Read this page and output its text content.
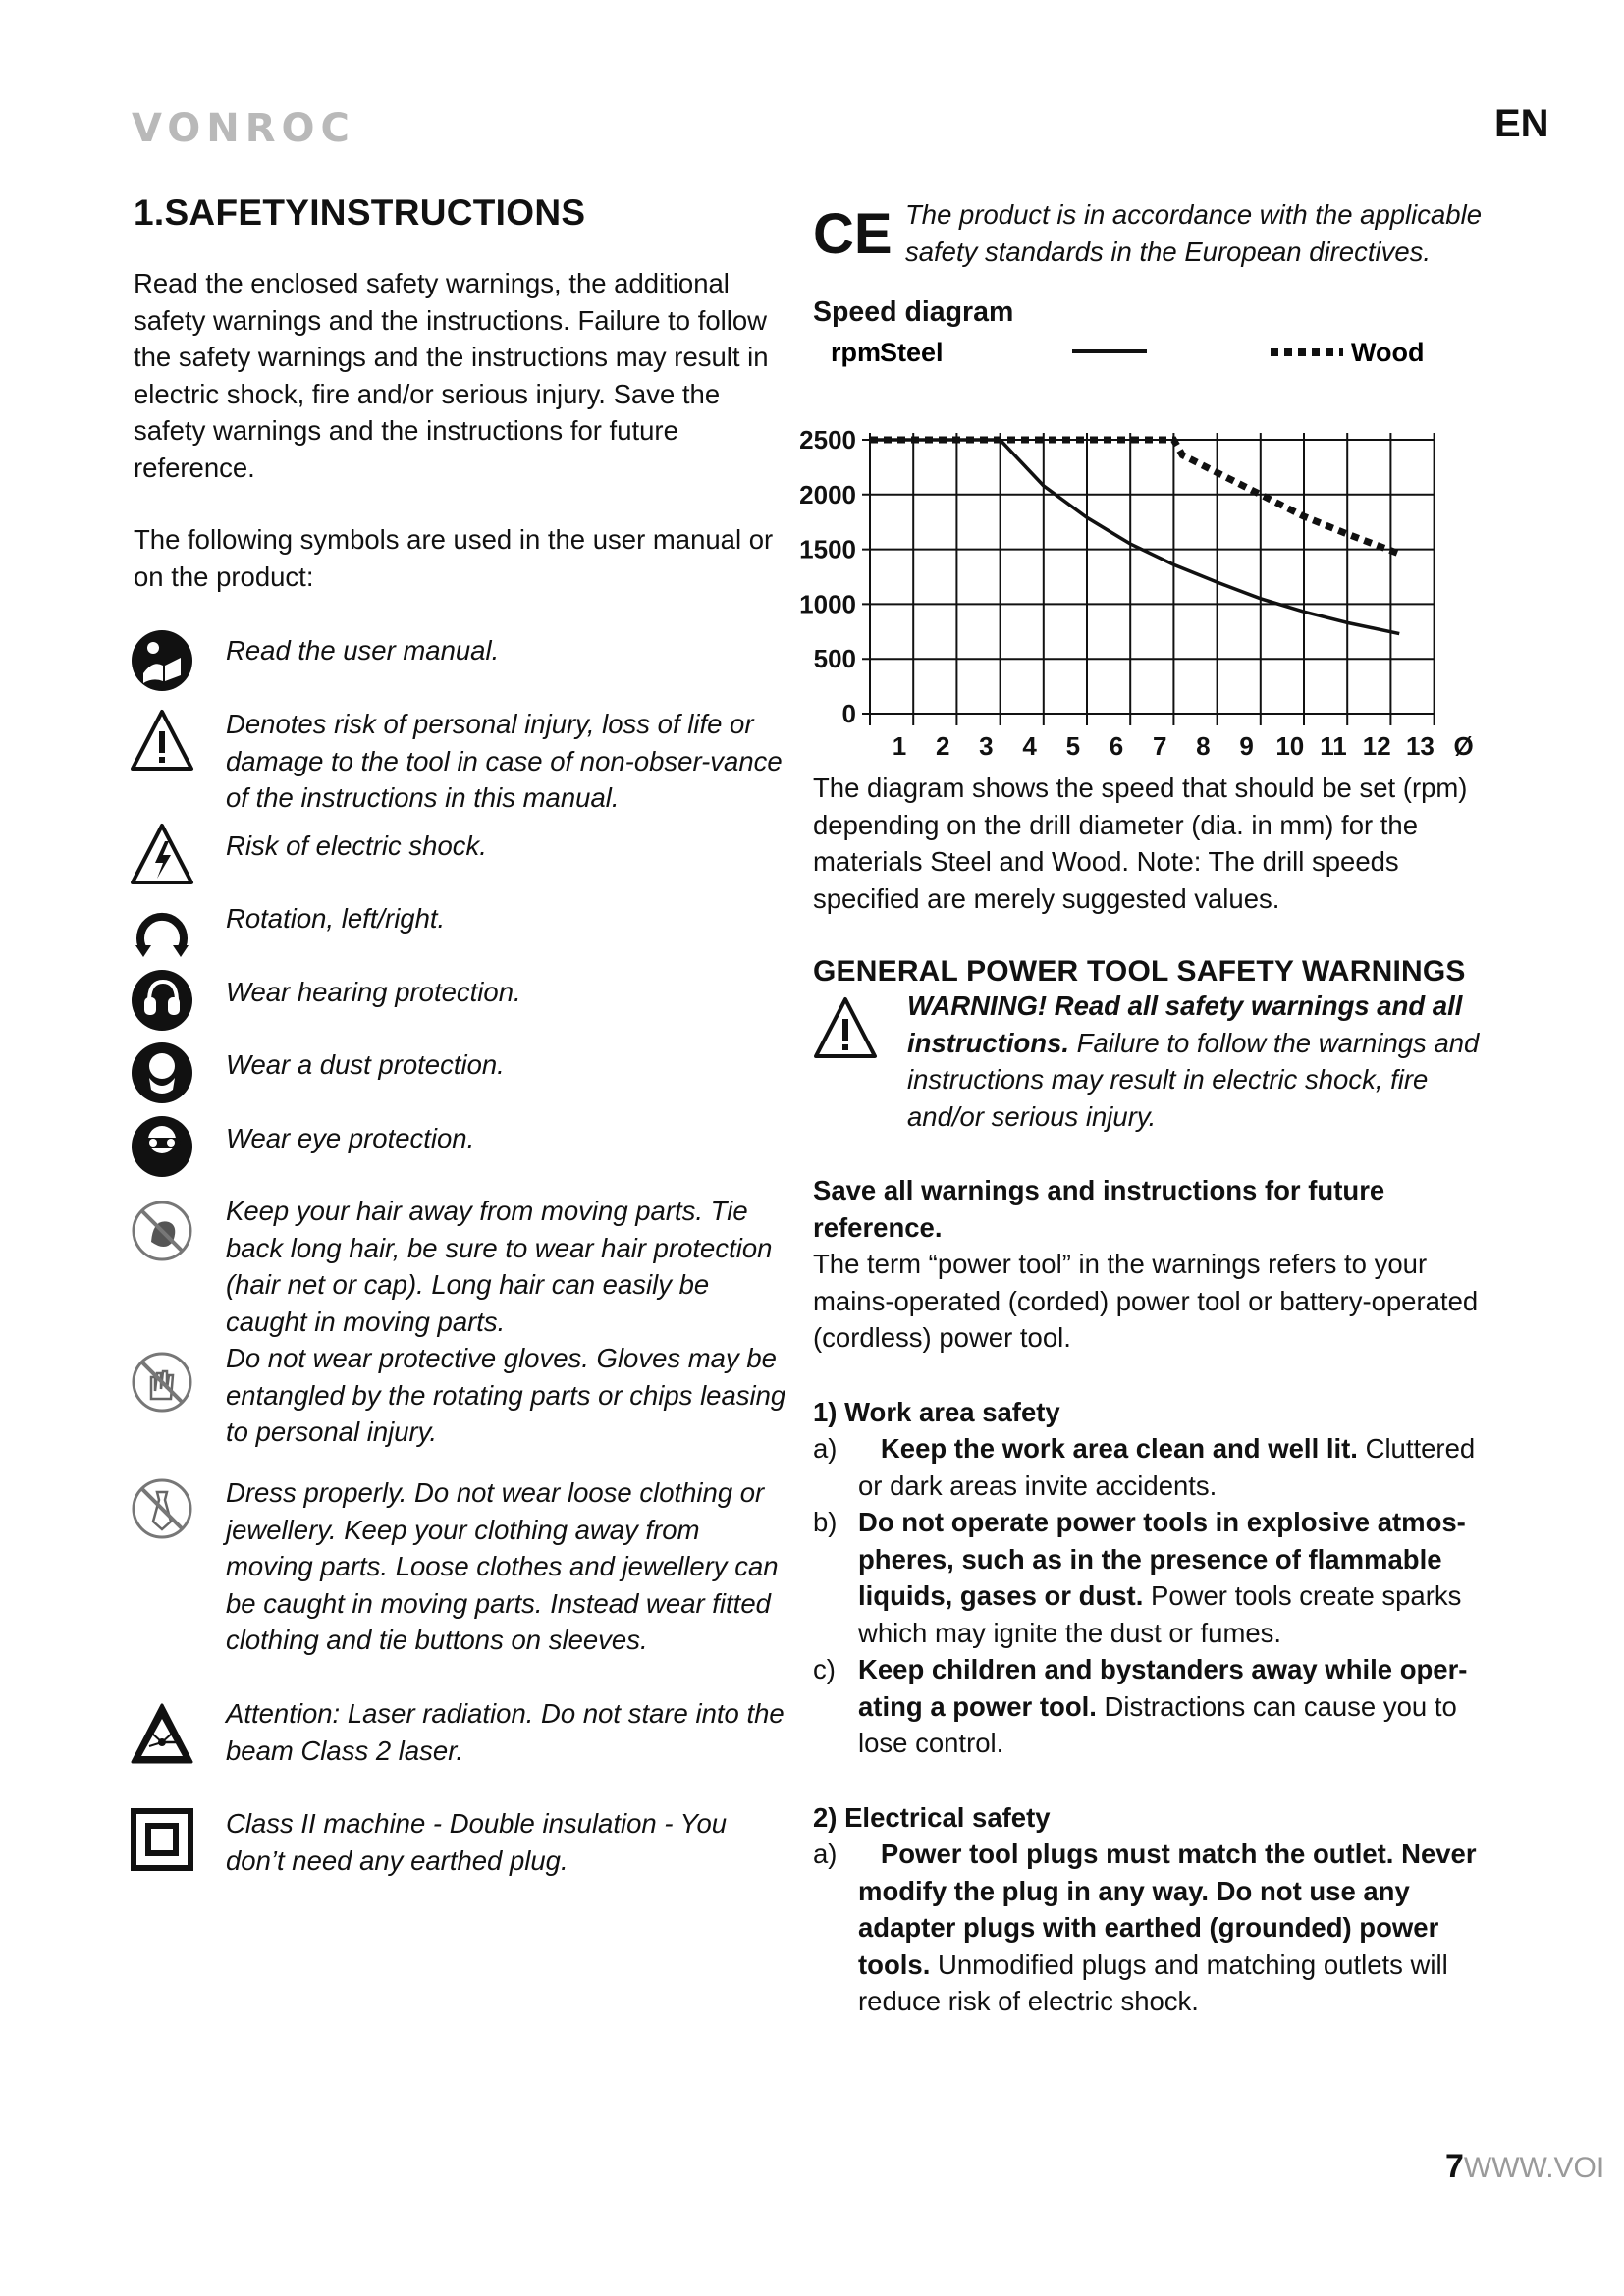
VONROC	EN
1.SAFETYINSTRUCTIONS

Read the enclosed safety warnings, the additional safety warnings and the instructions. Failure to follow the safety warnings and the instructions may result in electric shock, fire and/or serious injury. Save the safety warnings and the instructions for future reference.

The following symbols are used in the user manual or on the product:

Read the user manual.
Denotes risk of personal injury, loss of life or damage to the tool in case of non-obser-vance of the instructions in this manual.
Risk of electric shock.
Rotation, left/right.
Wear hearing protection.
Wear a dust protection.
Wear eye protection.
Keep your hair away from moving parts. Tie back long hair, be sure to wear hair protection (hair net or cap). Long hair can easily be caught in moving parts.
Do not wear protective gloves. Gloves may be entangled by the rotating parts or chips leasing to personal injury.
Dress properly. Do not wear loose clothing or jewellery. Keep your clothing away from moving parts. Loose clothes and jewellery can be caught in moving parts. Instead wear fitted clothing and tie buttons on sleeves.
Attention: Laser radiation. Do not stare into the beam Class 2 laser.
Class II machine - Double insulation - You don’t need any earthed plug.
CE The product is in accordance with the applicable safety standards in the European directives.

Speed diagram

rpm
Steel	Wood
0
500
1000
1500
2000
2500
1 2 3 4 5 6 7 8 9 10 11 12 13 Ø

The diagram shows the speed that should be set (rpm) depending on the drill diameter (dia. in mm) for the materials Steel and Wood. Note: The drill speeds specified are merely suggested values.

GENERAL POWER TOOL SAFETY WARNINGS

WARNING! Read all safety warnings and all instructions. Failure to follow the warnings and instructions may result in electric shock, fire and/or serious injury.

Save all warnings and instructions for future reference.

The term “power tool” in the warnings refers to your mains-operated (corded) power tool or battery-operated (cordless) power tool.

1) Work area safety

a) Keep the work area clean and well lit. Cluttered or dark areas invite accidents.
b) Do not operate power tools in explosive atmos-pheres, such as in the presence of flammable liquids, gases or dust. Power tools create sparks which may ignite the dust or fumes.
c) Keep children and bystanders away while oper-ating a power tool. Distractions can cause you to lose control.

2) Electrical safety

a) Power tool plugs must match the outlet. Never modify the plug in any way. Do not use any adapter plugs with earthed (grounded) power tools. Unmodified plugs and matching outlets will reduce risk of electric shock.
7WWW.VOI
